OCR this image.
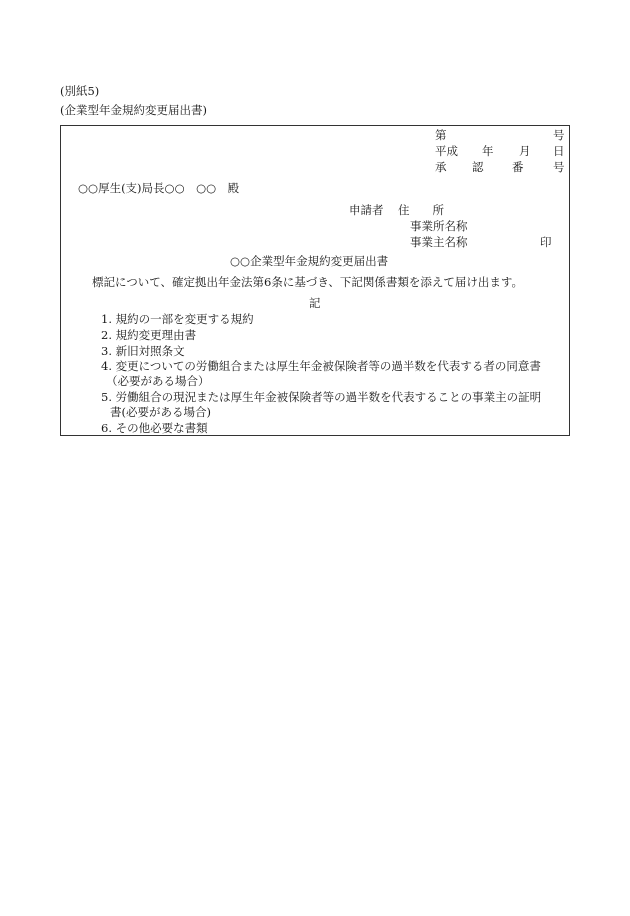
(別紙5)
(企業型年金規約変更届出書)
第	号
平成 年 月 日
承 認 番	号
○○厚生(支)局長○○　○○　殿
申請者 住　　所
事業所名称
事業主名称	印
○○企業型年金規約変更届出書
標記について、確定拠出年金法第6条に基づき、下記関係書類を添えて届け出ます。
記
1. 規約の一部を変更する規約
2. 規約変更理由書
3. 新旧対照条文
4. 変更についての労働組合または厚生年金被保険者等の過半数を代表する者の同意書
（必要がある場合）
5. 労働組合の現況または厚生年金被保険者等の過半数を代表することの事業主の証明
書(必要がある場合)
6. その他必要な書類
